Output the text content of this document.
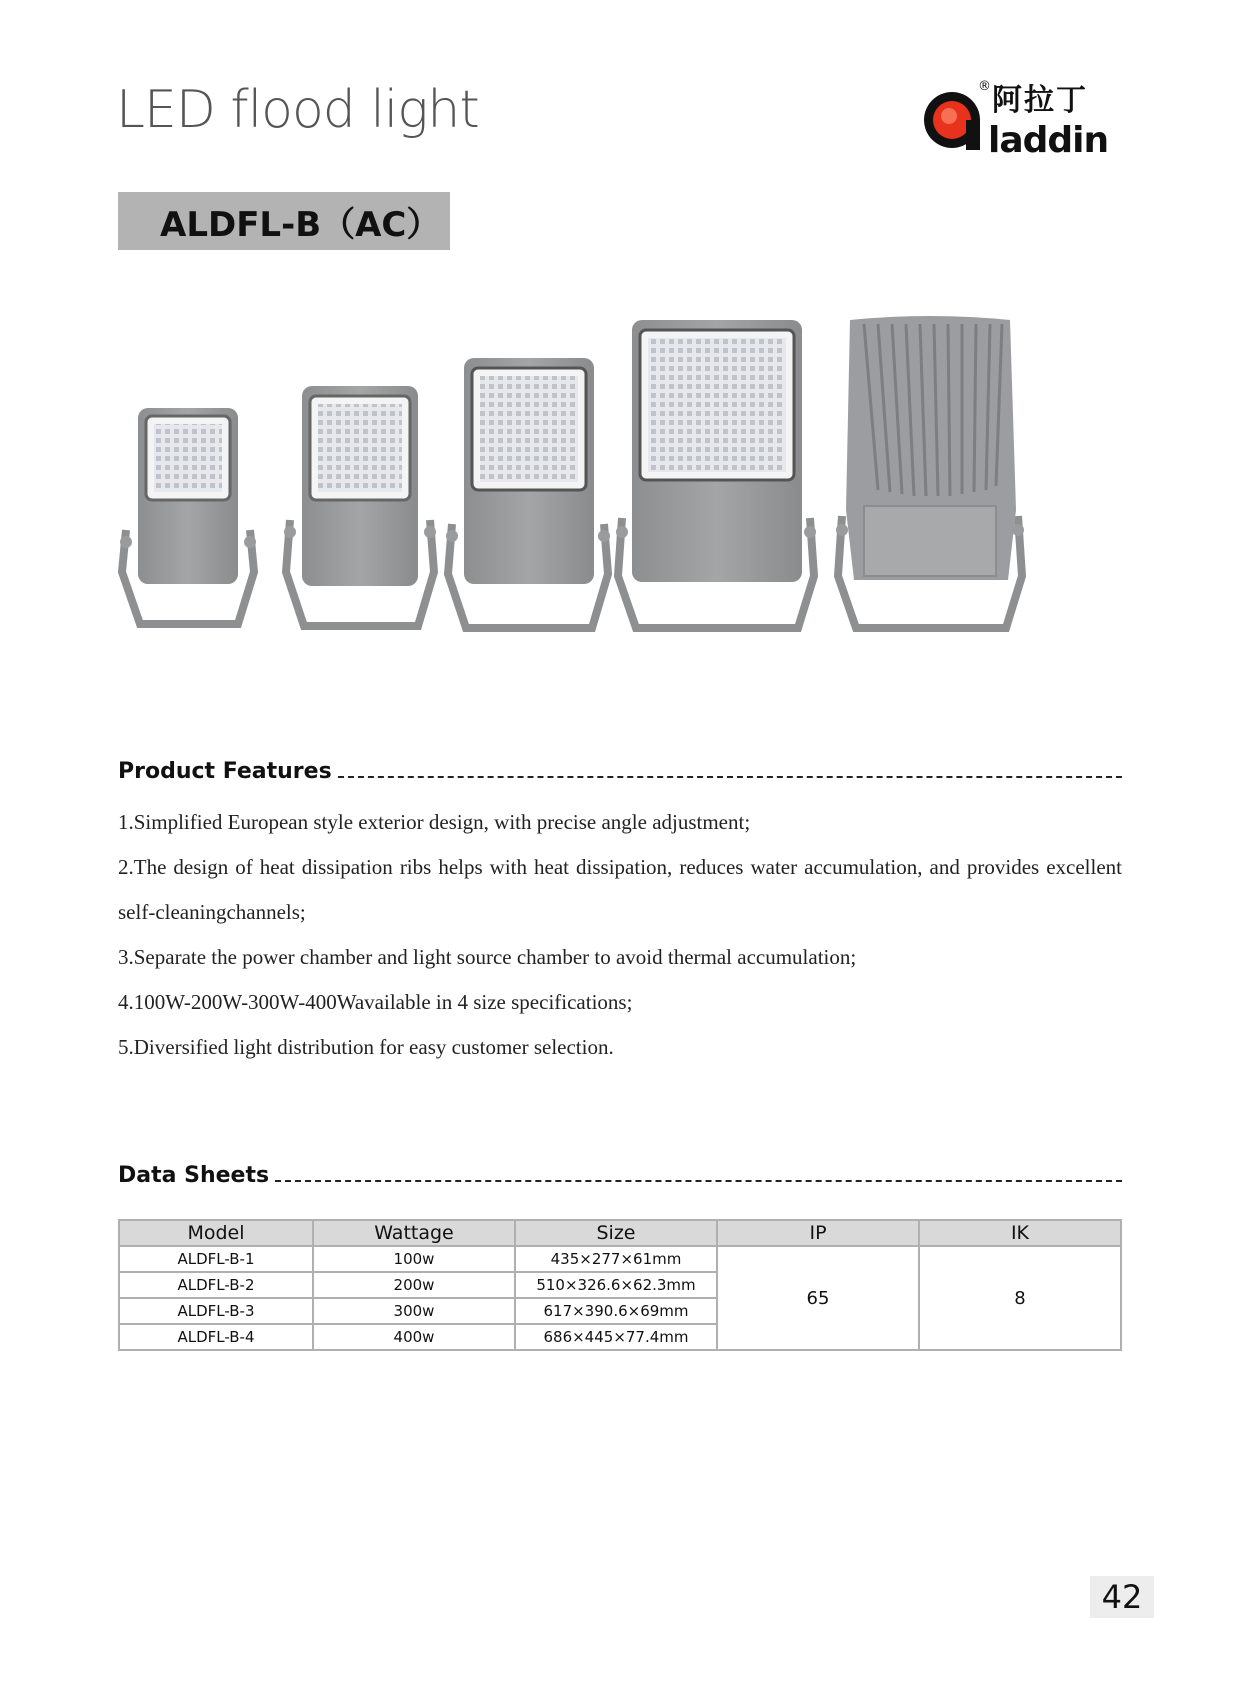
LED flood light	® 阿拉丁
laddin
ALDFL-B（AC）
Product Features

1.Simplified European style exterior design, with precise angle adjustment;

2.The design of heat dissipation ribs helps with heat dissipation, reduces water accumulation, and provides excellent self-cleaningchannels;

3.Separate the power chamber and light source chamber to avoid thermal accumulation;

4.100W-200W-300W-400Wavailable in 4 size specifications;

5.Diversified light distribution for easy customer selection.

Data Sheets
Model	Wattage	Size	IP	IK
ALDFL-B-1	100w	435×277×61mm	65	8
ALDFL-B-2	200w	510×326.6×62.3mm		
ALDFL-B-3	300w	617×390.6×69mm		
ALDFL-B-4	400w	686×445×77.4mm		
42
